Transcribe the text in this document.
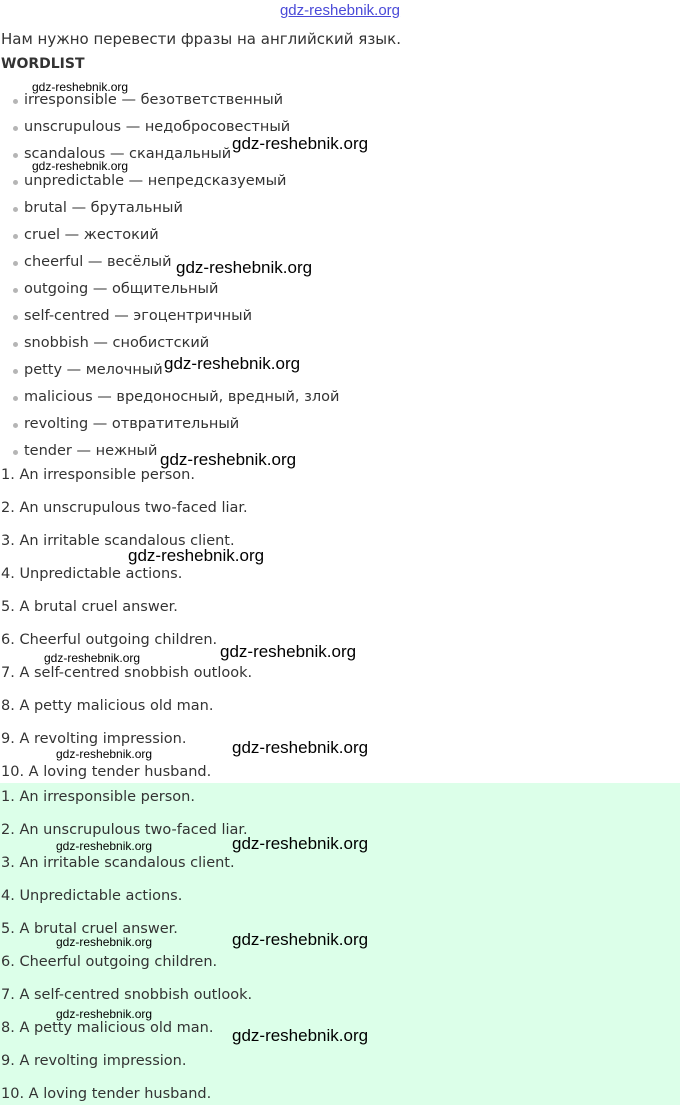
gdz-reshebnik.org
Нам нужно перевести фразы на английский язык.
WORDLIST
irresponsible — безответственный
unscrupulous — недобросовестный
scandalous — скандальный
unpredictable — непредсказуемый
brutal — брутальный
cruel — жестокий
cheerful — весёлый
outgoing — общительный
self-centred — эгоцентричный
snobbish — снобистский
petty — мелочный
malicious — вредоносный, вредный, злой
revolting — отвратительный
tender — нежный
1. An irresponsible person.
2. An unscrupulous two-faced liar.
3. An irritable scandalous client.
4. Unpredictable actions.
5. A brutal cruel answer.
6. Cheerful outgoing children.
7. A self-centred snobbish outlook.
8. A petty malicious old man.
9. A revolting impression.
10. A loving tender husband.
1. An irresponsible person.
2. An unscrupulous two-faced liar.
3. An irritable scandalous client.
4. Unpredictable actions.
5. A brutal cruel answer.
6. Cheerful outgoing children.
7. A self-centred snobbish outlook.
8. A petty malicious old man.
9. A revolting impression.
10. A loving tender husband.
gdz-reshebnik.org
gdz-reshebnik.org
gdz-reshebnik.org
gdz-reshebnik.org
gdz-reshebnik.org
gdz-reshebnik.org
gdz-reshebnik.org
gdz-reshebnik.org
gdz-reshebnik.org
gdz-reshebnik.org
gdz-reshebnik.org
gdz-reshebnik.org
gdz-reshebnik.org
gdz-reshebnik.org
gdz-reshebnik.org
gdz-reshebnik.org
gdz-reshebnik.org
